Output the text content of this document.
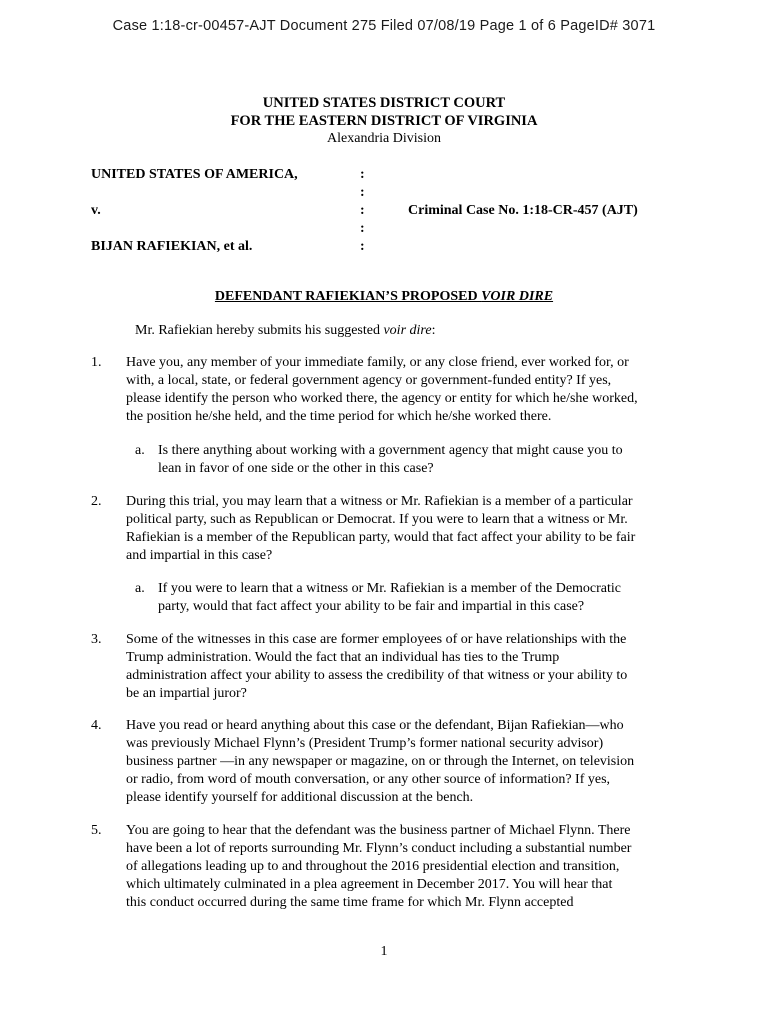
Case 1:18-cr-00457-AJT Document 275 Filed 07/08/19 Page 1 of 6 PageID# 3071
UNITED STATES DISTRICT COURT
FOR THE EASTERN DISTRICT OF VIRGINIA
Alexandria Division
UNITED STATES OF AMERICA,
v.
BIJAN RAFIEKIAN, et al.
:
:
:
:
:
Criminal Case No. 1:18-CR-457 (AJT)
DEFENDANT RAFIEKIAN’S PROPOSED VOIR DIRE
Mr. Rafiekian hereby submits his suggested voir dire:
1. Have you, any member of your immediate family, or any close friend, ever worked for, or
with, a local, state, or federal government agency or government-funded entity? If yes,
please identify the person who worked there, the agency or entity for which he/she worked,
the position he/she held, and the time period for which he/she worked there.
a. Is there anything about working with a government agency that might cause you to
lean in favor of one side or the other in this case?
2. During this trial, you may learn that a witness or Mr. Rafiekian is a member of a particular
political party, such as Republican or Democrat. If you were to learn that a witness or Mr.
Rafiekian is a member of the Republican party, would that fact affect your ability to be fair
and impartial in this case?
a. If you were to learn that a witness or Mr. Rafiekian is a member of the Democratic
party, would that fact affect your ability to be fair and impartial in this case?
3. Some of the witnesses in this case are former employees of or have relationships with the
Trump administration. Would the fact that an individual has ties to the Trump
administration affect your ability to assess the credibility of that witness or your ability to
be an impartial juror?
4. Have you read or heard anything about this case or the defendant, Bijan Rafiekian—who
was previously Michael Flynn’s (President Trump’s former national security advisor)
business partner —in any newspaper or magazine, on or through the Internet, on television
or radio, from word of mouth conversation, or any other source of information? If yes,
please identify yourself for additional discussion at the bench.
5. You are going to hear that the defendant was the business partner of Michael Flynn. There
have been a lot of reports surrounding Mr. Flynn’s conduct including a substantial number
of allegations leading up to and throughout the 2016 presidential election and transition,
which ultimately culminated in a plea agreement in December 2017. You will hear that
this conduct occurred during the same time frame for which Mr. Flynn accepted
1
